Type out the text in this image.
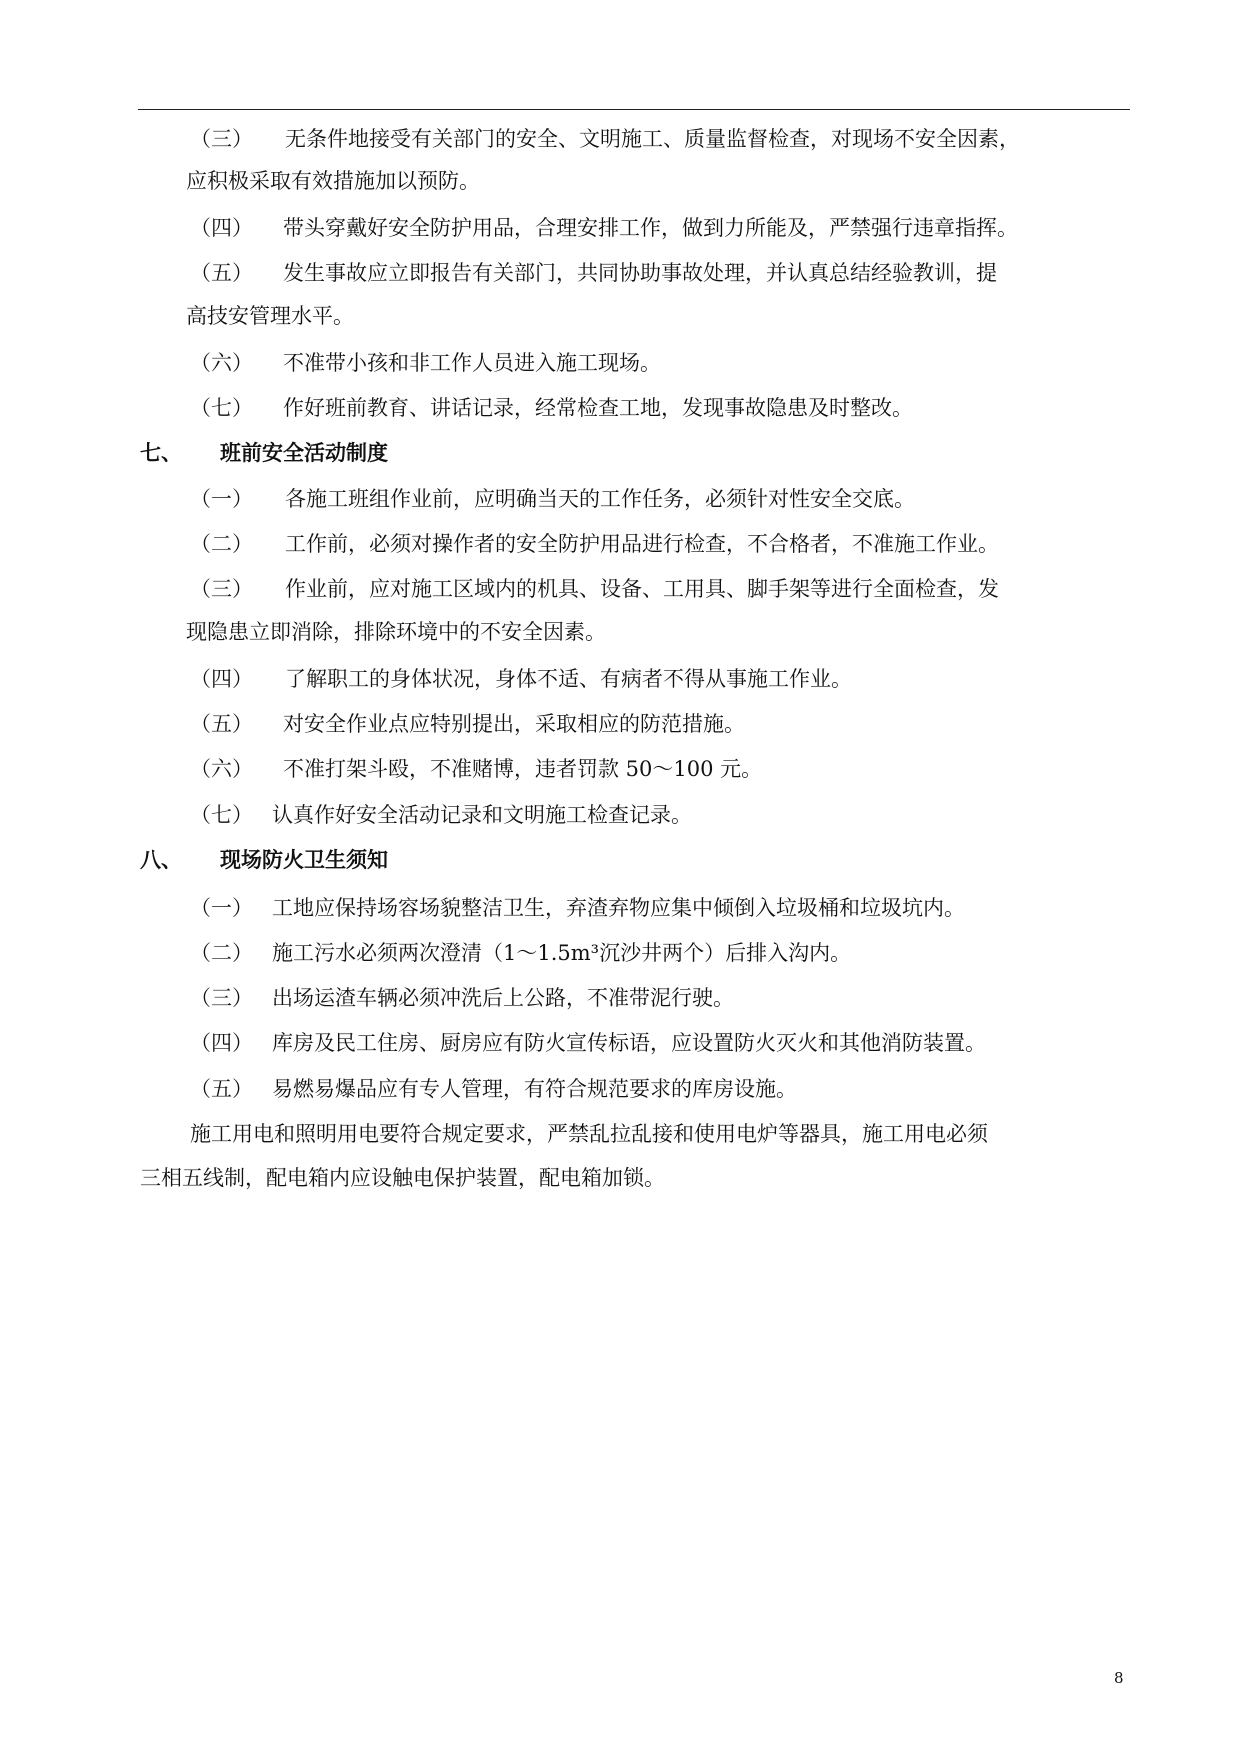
（三） 无条件地接受有关部门的安全、文明施工、质量监督检查，对现场不安全因素，
应积极采取有效措施加以预防。
（四） 带头穿戴好安全防护用品，合理安排工作，做到力所能及，严禁强行违章指挥。
（五） 发生事故应立即报告有关部门，共同协助事故处理，并认真总结经验教训，提
高技安管理水平。
（六） 不准带小孩和非工作人员进入施工现场。
（七） 作好班前教育、讲话记录，经常检查工地，发现事故隐患及时整改。
七、 班前安全活动制度
（一） 各施工班组作业前，应明确当天的工作任务，必须针对性安全交底。
（二） 工作前，必须对操作者的安全防护用品进行检查，不合格者，不准施工作业。
（三） 作业前，应对施工区域内的机具、设备、工用具、脚手架等进行全面检查，发
现隐患立即消除，排除环境中的不安全因素。
（四） 了解职工的身体状况，身体不适、有病者不得从事施工作业。
（五） 对安全作业点应特别提出，采取相应的防范措施。
（六） 不准打架斗殴，不准赌博，违者罚款 50～100 元。
（七） 认真作好安全活动记录和文明施工检查记录。
八、 现场防火卫生须知
（一） 工地应保持场容场貌整洁卫生，弃渣弃物应集中倾倒入垃圾桶和垃圾坑内。
（二） 施工污水必须两次澄清（1～1.5m³沉沙井两个）后排入沟内。
（三） 出场运渣车辆必须冲洗后上公路，不准带泥行驶。
（四） 库房及民工住房、厨房应有防火宣传标语，应设置防火灭火和其他消防装置。
（五） 易燃易爆品应有专人管理，有符合规范要求的库房设施。
施工用电和照明用电要符合规定要求，严禁乱拉乱接和使用电炉等器具，施工用电必须
三相五线制，配电箱内应设触电保护装置，配电箱加锁。
8
